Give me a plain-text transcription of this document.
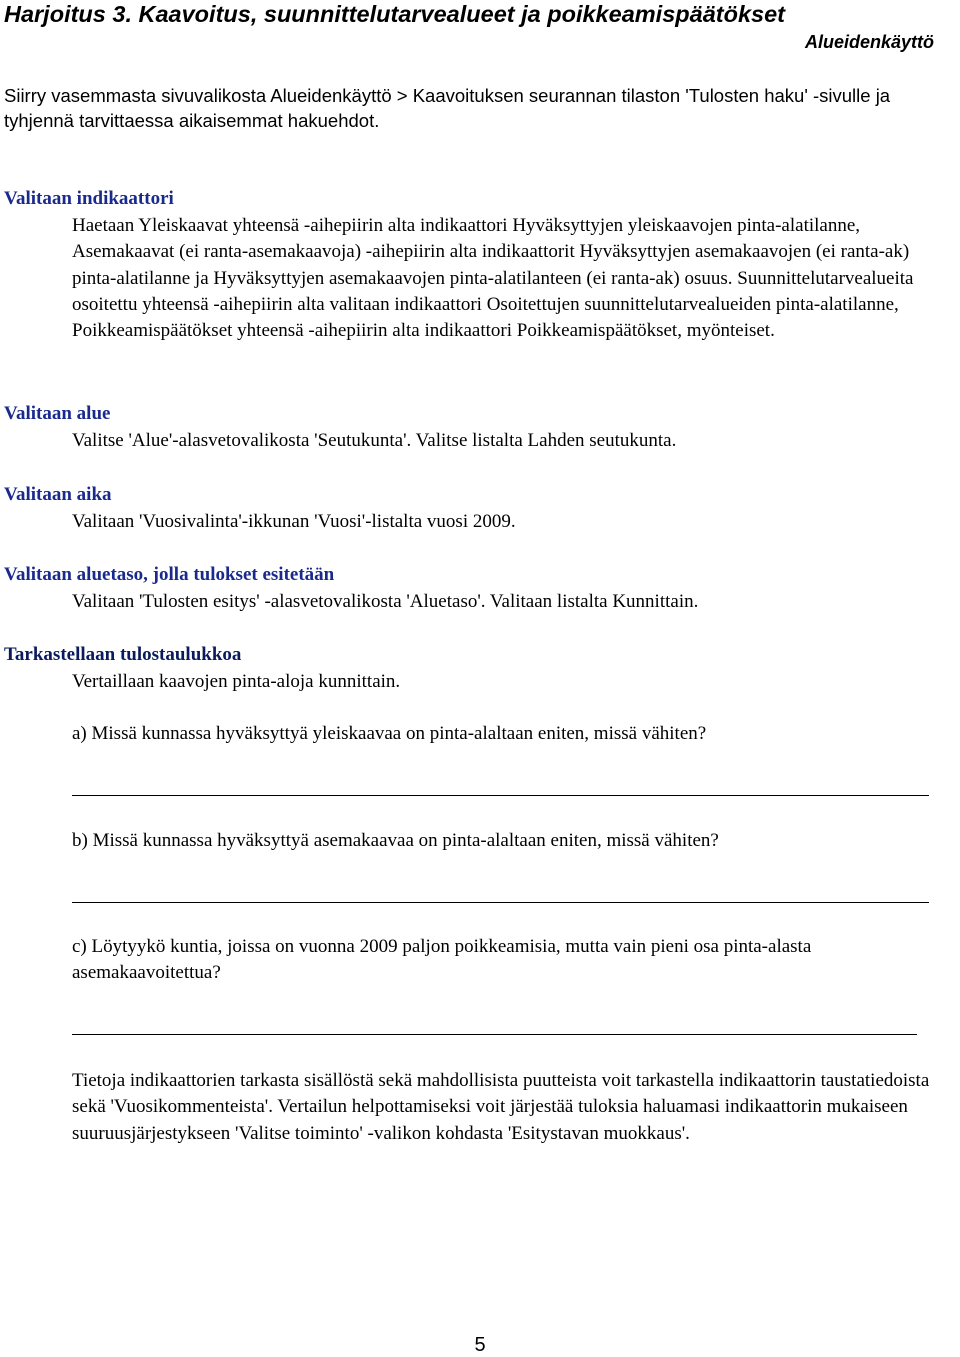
Harjoitus 3. Kaavoitus, suunnittelutarvealueet ja poikkeamispäätökset
Alueidenkäyttö

Siirry vasemmasta sivuvalikosta Alueidenkäyttö > Kaavoituksen seurannan tilaston 'Tulosten haku' -sivulle ja tyhjennä tarvittaessa aikaisemmat hakuehdot.

Valitaan indikaattori

Haetaan Yleiskaavat yhteensä -aihepiirin alta indikaattori Hyväksyttyjen yleiskaavojen pinta-alatilanne, Asemakaavat (ei ranta-asemakaavoja) -aihepiirin alta indikaattorit Hyväksyttyjen asemakaavojen (ei ranta-ak) pinta-alatilanne ja Hyväksyttyjen asemakaavojen pinta-alatilanteen (ei ranta-ak) osuus. Suunnittelutarvealueita osoitettu yhteensä -aihepiirin alta valitaan indikaattori Osoitettujen suunnittelutarvealueiden pinta-alatilanne, Poikkeamispäätökset yhteensä -aihepiirin alta indikaattori Poikkeamispäätökset, myönteiset.

Valitaan alue

Valitse 'Alue'-alasvetovalikosta 'Seutukunta'. Valitse listalta Lahden seutukunta.

Valitaan aika

Valitaan 'Vuosivalinta'-ikkunan 'Vuosi'-listalta vuosi 2009.

Valitaan aluetaso, jolla tulokset esitetään

Valitaan 'Tulosten esitys' -alasvetovalikosta 'Aluetaso'. Valitaan listalta Kunnittain.

Tarkastellaan tulostaulukkoa

Vertaillaan kaavojen pinta-aloja kunnittain.

a) Missä kunnassa hyväksyttyä yleiskaavaa on pinta-alaltaan eniten, missä vähiten?

b) Missä kunnassa hyväksyttyä asemakaavaa on pinta-alaltaan eniten, missä vähiten?

c) Löytyykö kuntia, joissa on vuonna 2009 paljon poikkeamisia, mutta vain pieni osa pinta-alasta asemakaavoitettua?

Tietoja indikaattorien tarkasta sisällöstä sekä mahdollisista puutteista voit tarkastella indikaattorin taustatiedoista sekä 'Vuosikommenteista'. Vertailun helpottamiseksi voit järjestää tuloksia haluamasi indikaattorin mukaiseen suuruusjärjestykseen 'Valitse toiminto' -valikon kohdasta 'Esitystavan muokkaus'.

5
